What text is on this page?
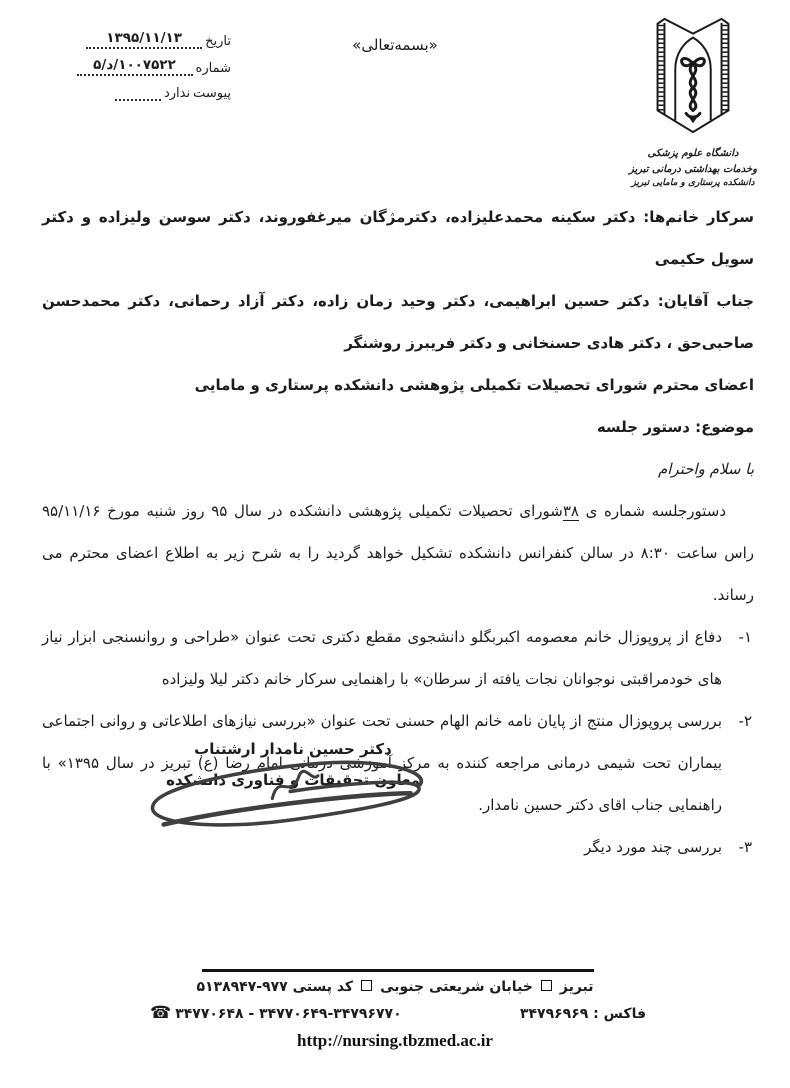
تاریخ
۱۳۹۵/۱۱/۱۳
شماره
۵/د/۱۰۰۷۵۲۲
پیوست
ندارد
«بسمه‌تعالی»
دانشگاه علوم پزشکی
وخدمات بهداشتی درمانی تبریز
دانشکده پرستاری و مامایی تبریز

سرکار خانم‌ها: دکتر سکینه محمدعلیزاده، دکترمژگان میرغفوروند، دکتر سوسن ولیزاده و دکتر سویل حکیمی

جناب آقایان: دکتر حسین ابراهیمی، دکتر وحید زمان زاده، دکتر آزاد رحمانی، دکتر محمدحسن صاحبی‌حق ، دکتر هادی حسنخانی و دکتر فریبرز روشنگر

اعضای محترم شورای تحصیلات تکمیلی پژوهشی دانشکده پرستاری و مامایی

موضوع: دستور جلسه

با سلام واحترام

دستورجلسه شماره ی ۳۸شورای تحصیلات تکمیلی پژوهشی دانشکده در سال ۹۵ روز شنبه مورخ ۹۵/۱۱/۱۶ راس ساعت ۸:۳۰ در سالن کنفرانس دانشکده تشکیل خواهد گردید را به شرح زیر به اطلاع اعضای محترم می رساند.

۱-
دفاع از پروپوزال خانم معصومه اکبربگلو دانشجوی مقطع دکتری تحت عنوان «طراحی و روانسنجی ابزار نیاز های خودمراقبتی نوجوانان نجات یافته از سرطان» با راهنمایی سرکار خانم دکتر لیلا ولیزاده
۲-
بررسی پروپوزال منتج از پایان نامه خانم الهام حسنی تحت عنوان «بررسی نیازهای اطلاعاتی و روانی اجتماعی بیماران تحت شیمی درمانی مراجعه کننده به مرکز آموزشی درمانی امام رضا (ع) تبریز در سال ۱۳۹۵» با راهنمایی جناب اقای دکتر حسین نامدار.
۳-
بررسی چند مورد دیگر
دکتر حسین نامدار ارشتناب
معاون تحقیقات و فناوری دانشکده
تبریزخیابان شریعتی جنوبیکد پستی ۵۱۳۸۹۴۷-۹۷۷
☎ ۳۴۷۷۰۶۴۸ - ۳۴۷۷۰۶۴۹-۳۴۷۹۶۷۷۰	فاکس : ۳۴۷۹۶۹۶۹
http://nursing.tbzmed.ac.ir
